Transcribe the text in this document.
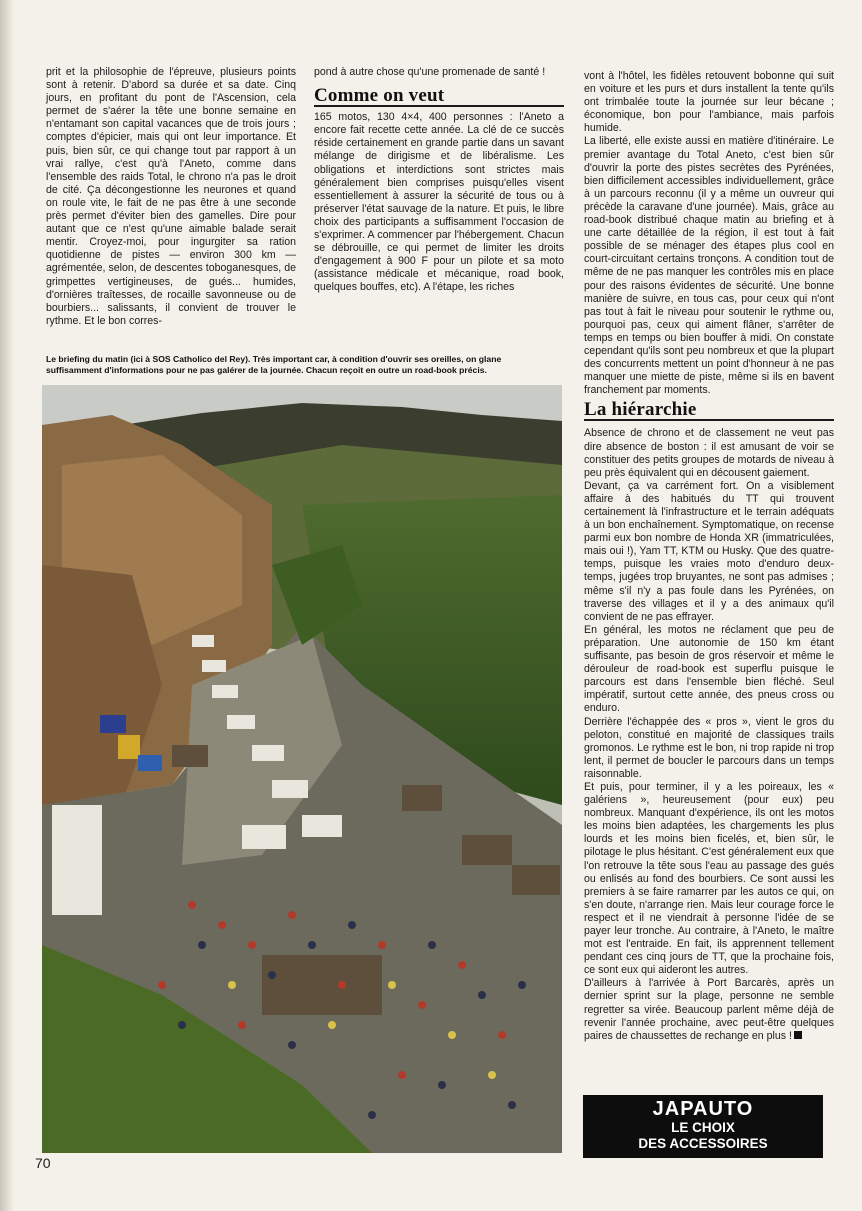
prit et la philosophie de l'épreuve, plusieurs points sont à retenir. D'abord sa durée et sa date. Cinq jours, en profitant du pont de l'Ascension, cela permet de s'aérer la tête une bonne semaine en n'entamant son capital vacances que de trois jours ; comptes d'épicier, mais qui ont leur importance. Et puis, bien sûr, ce qui change tout par rapport à un vrai rallye, c'est qu'à l'Aneto, comme dans l'ensemble des raids Total, le chrono n'a pas le droit de cité. Ça décongestionne les neurones et quand on roule vite, le fait de ne pas être à une seconde près permet d'éviter bien des gamelles. Dire pour autant que ce n'est qu'une aimable balade serait mentir. Croyez-moi, pour ingurgiter sa ration quotidienne de pistes — environ 300 km — agrémentée, selon, de descentes toboganesques, de grimpettes vertigineuses, de gués... humides, d'ornières traîtesses, de rocaille savonneuse ou de bourbiers... salissants, il convient de trouver le rythme. Et le bon corres-

pond à autre chose qu'une promenade de santé !

Comme on veut

165 motos, 130 4×4, 400 personnes : l'Aneto a encore fait recette cette année. La clé de ce succès réside certainement en grande partie dans un savant mélange de dirigisme et de libéralisme. Les obligations et interdictions sont strictes mais généralement bien comprises puisqu'elles visent essentiellement à assurer la sécurité de tous ou à préserver l'état sauvage de la nature. Et puis, le libre choix des participants a suffisamment l'occasion de s'exprimer. A commencer par l'hébergement. Chacun se débrouille, ce qui permet de limiter les droits d'engagement à 900 F pour un pilote et sa moto (assistance médicale et mécanique, road book, quelques bouffes, etc). A l'étape, les riches

vont à l'hôtel, les fidèles retouvent bobonne qui suit en voiture et les purs et durs installent la tente qu'ils ont trimbalée toute la journée sur leur bécane ; économique, bon pour l'ambiance, mais parfois humide.

La liberté, elle existe aussi en matière d'itinéraire. Le premier avantage du Total Aneto, c'est bien sûr d'ouvrir la porte des pistes secrètes des Pyrénées, bien difficilement accessibles individuellement, grâce à un parcours reconnu (il y a même un ouvreur qui précède la caravane d'une journée). Mais, grâce au road-book distribué chaque matin au briefing et à une carte détaillée de la région, il est tout à fait possible de se ménager des étapes plus cool en court-circuitant certains tronçons. A condition tout de même de ne pas manquer les contrôles mis en place pour des raisons évidentes de sécurité. Une bonne manière de suivre, en tous cas, pour ceux qui n'ont pas tout à fait le niveau pour soutenir le rythme ou, pourquoi pas, ceux qui aiment flâner, s'arrêter de temps en temps ou bien bouffer à midi. On constate cependant qu'ils sont peu nombreux et que la plupart des concurrents mettent un point d'honneur à ne pas manquer une miette de piste, même si ils en bavent franchement par moments.

La hiérarchie

Absence de chrono et de classement ne veut pas dire absence de boston : il est amusant de voir se constituer des petits groupes de motards de niveau à peu près équivalent qui en décousent gaiement.

Devant, ça va carrément fort. On a visiblement affaire à des habitués du TT qui trouvent certainement là l'infrastructure et le terrain adéquats à un bon enchaînement. Symptomatique, on recense parmi eux bon nombre de Honda XR (immatriculées, mais oui !), Yam TT, KTM ou Husky. Que des quatre-temps, puisque les vraies moto d'enduro deux-temps, jugées trop bruyantes, ne sont pas admises ; même s'il n'y a pas foule dans les Pyrénées, on traverse des villages et il y a des animaux qu'il convient de ne pas effrayer.

En général, les motos ne réclament que peu de préparation. Une autonomie de 150 km étant suffisante, pas besoin de gros réservoir et même le dérouleur de road-book est superflu puisque le parcours est dans l'ensemble bien fléché. Seul impératif, surtout cette année, des pneus cross ou enduro.

Derrière l'échappée des « pros », vient le gros du peloton, constitué en majorité de classiques trails gromonos. Le rythme est le bon, ni trop rapide ni trop lent, il permet de boucler le parcours dans un temps raisonnable.

Et puis, pour terminer, il y a les poireaux, les « galériens », heureusement (pour eux) peu nombreux. Manquant d'expérience, ils ont les motos les moins bien adaptées, les chargements les plus lourds et les moins bien ficelés, et, bien sûr, le pilotage le plus hésitant. C'est généralement eux que l'on retrouve la tête sous l'eau au passage des gués ou enlisés au fond des bourbiers. Ce sont aussi les premiers à se faire ramarrer par les autos ce qui, on s'en doute, n'arrange rien. Mais leur courage force le respect et il ne viendrait à personne l'idée de se payer leur tronche. Au contraire, à l'Aneto, le maître mot est l'entraide. En fait, ils apprennent tellement pendant ces cinq jours de TT, que la prochaine fois, ce sont eux qui aideront les autres.

D'ailleurs à l'arrivée à Port Barcarès, après un dernier sprint sur la plage, personne ne semble regretter sa virée. Beaucoup parlent même déjà de revenir l'année prochaine, avec peut-être quelques paires de chaussettes de rechange en plus !

Le briefing du matin (ici à SOS Catholico del Rey). Très important car, à condition d'ouvrir ses oreilles, on glane suffisamment d'informations pour ne pas galérer de la journée. Chacun reçoit en outre un road-book précis.
JAPAUTO
LE CHOIX
DES ACCESSOIRES
70
